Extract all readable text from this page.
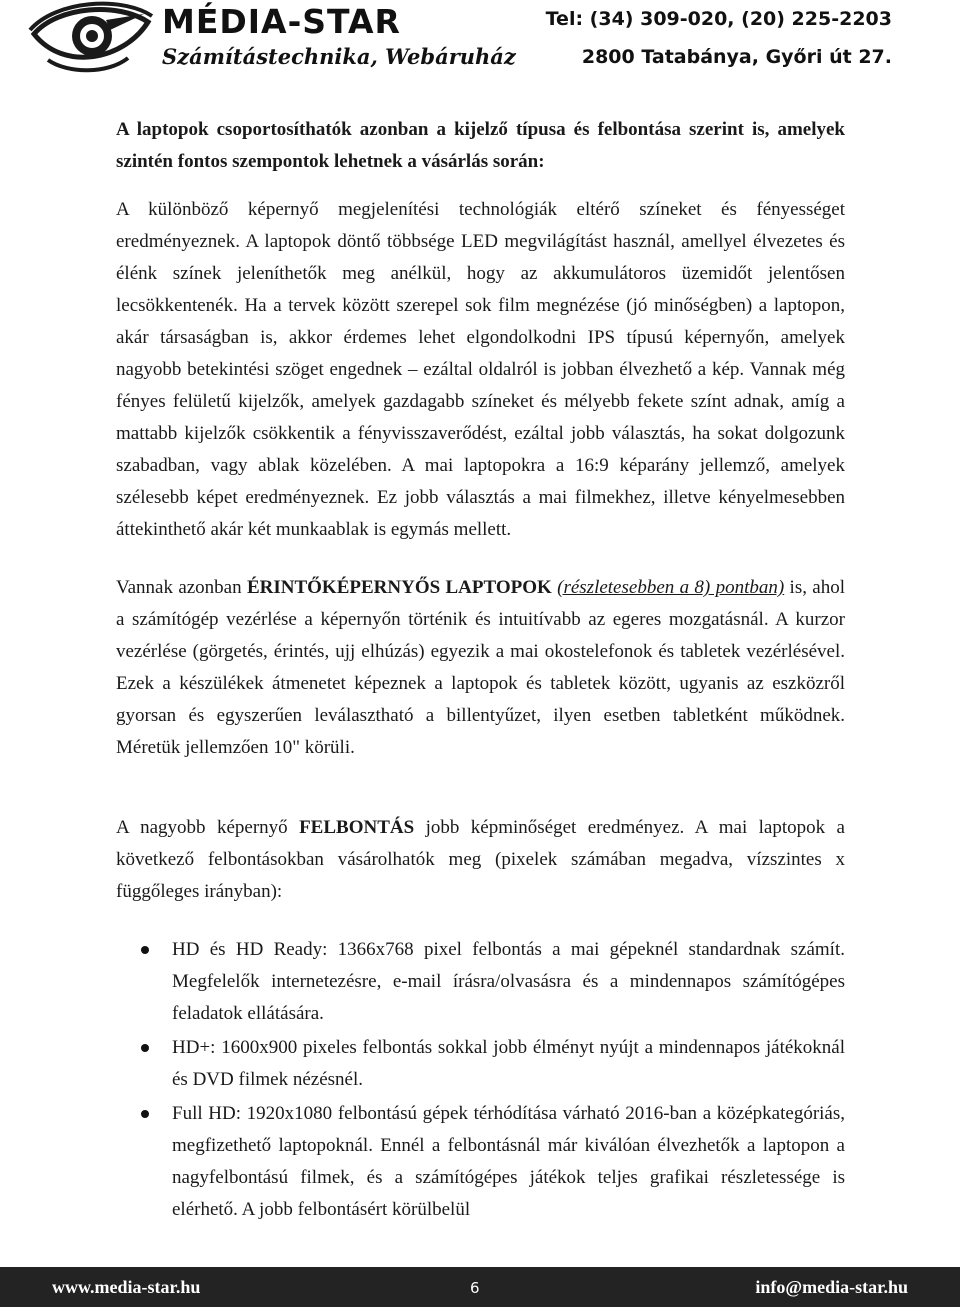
MÉDIA-STAR
Számítástechnika, Webáruház
Tel: (34) 309-020, (20) 225-2203
2800 Tatabánya, Győri út 27.

A laptopok csoportosíthatók azonban a kijelző típusa és felbontása szerint is, amelyek szintén fontos szempontok lehetnek a vásárlás során:

A különböző képernyő megjelenítési technológiák eltérő színeket és fényességet eredményeznek. A laptopok döntő többsége LED megvilágítást használ, amellyel élvezetes és élénk színek jeleníthetők meg anélkül, hogy az akkumulátoros üzemidőt jelentősen lecsökkentenék. Ha a tervek között szerepel sok film megnézése (jó minőségben) a laptopon, akár társaságban is, akkor érdemes lehet elgondolkodni IPS típusú képernyőn, amelyek nagyobb betekintési szöget engednek – ezáltal oldalról is jobban élvezhető a kép. Vannak még fényes felületű kijelzők, amelyek gazdagabb színeket és mélyebb fekete színt adnak, amíg a mattabb kijelzők csökkentik a fényvisszaverődést, ezáltal jobb választás, ha sokat dolgozunk szabadban, vagy ablak közelében. A mai laptopokra a 16:9 képarány jellemző, amelyek szélesebb képet eredményeznek. Ez jobb választás a mai filmekhez, illetve kényelmesebben áttekinthető akár két munkaablak is egymás mellett.

Vannak azonban ÉRINTŐKÉPERNYŐS LAPTOPOK (részletesebben a 8) pontban) is, ahol a számítógép vezérlése a képernyőn történik és intuitívabb az egeres mozgatásnál. A kurzor vezérlése (görgetés, érintés, ujj elhúzás) egyezik a mai okostelefonok és tabletek vezérlésével. Ezek a készülékek átmenetet képeznek a laptopok és tabletek között, ugyanis az eszközről gyorsan és egyszerűen leválasztható a billentyűzet, ilyen esetben tabletként működnek. Méretük jellemzően 10" körüli.

A nagyobb képernyő FELBONTÁS jobb képminőséget eredményez. A mai laptopok a következő felbontásokban vásárolhatók meg (pixelek számában megadva, vízszintes x függőleges irányban):

HD és HD Ready: 1366x768 pixel felbontás a mai gépeknél standardnak számít. Megfelelők internetezésre, e-mail írásra/olvasásra és a mindennapos számítógépes feladatok ellátására.
HD+: 1600x900 pixeles felbontás sokkal jobb élményt nyújt a mindennapos játékoknál és DVD filmek nézésnél.
Full HD: 1920x1080 felbontású gépek térhódítása várható 2016-ban a középkategóriás, megfizethető laptopoknál. Ennél a felbontásnál már kiválóan élvezhetők a laptopon a nagyfelbontású filmek, és a számítógépes játékok teljes grafikai részletessége is elérhető. A jobb felbontásért körülbelül
www.media-star.hu	6	info@media-star.hu
